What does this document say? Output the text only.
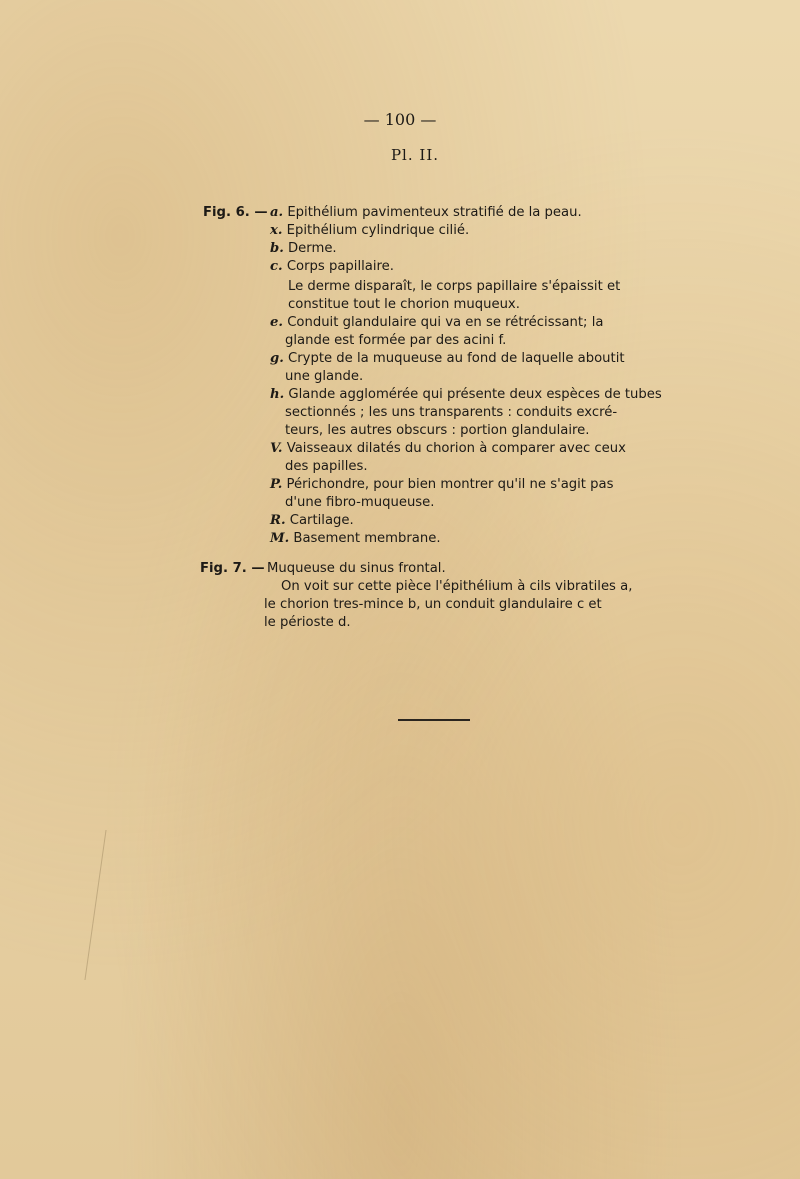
— 100 —
Pl. II.
Fig. 6. — a. Epithélium pavimenteux stratifié de la peau.
x. Epithélium cylindrique cilié.
b. Derme.
c. Corps papillaire.
Le derme disparaît, le corps papillaire s'épaissit et
constitue tout le chorion muqueux.
e. Conduit glandulaire qui va en se rétrécissant; la
glande est formée par des acini f.
g. Crypte de la muqueuse au fond de laquelle aboutit
une glande.
h. Glande agglomérée qui présente deux espèces de tubes
sectionnés ; les uns transparents : conduits excré-
teurs, les autres obscurs : portion glandulaire.
V. Vaisseaux dilatés du chorion à comparer avec ceux
des papilles.
P. Périchondre, pour bien montrer qu'il ne s'agit pas
d'une fibro-muqueuse.
R. Cartilage.
M. Basement membrane.
Fig. 7. — Muqueuse du sinus frontal.
On voit sur cette pièce l'épithélium à cils vibratiles a,
le chorion tres-mince b, un conduit glandulaire c et
le périoste d.
